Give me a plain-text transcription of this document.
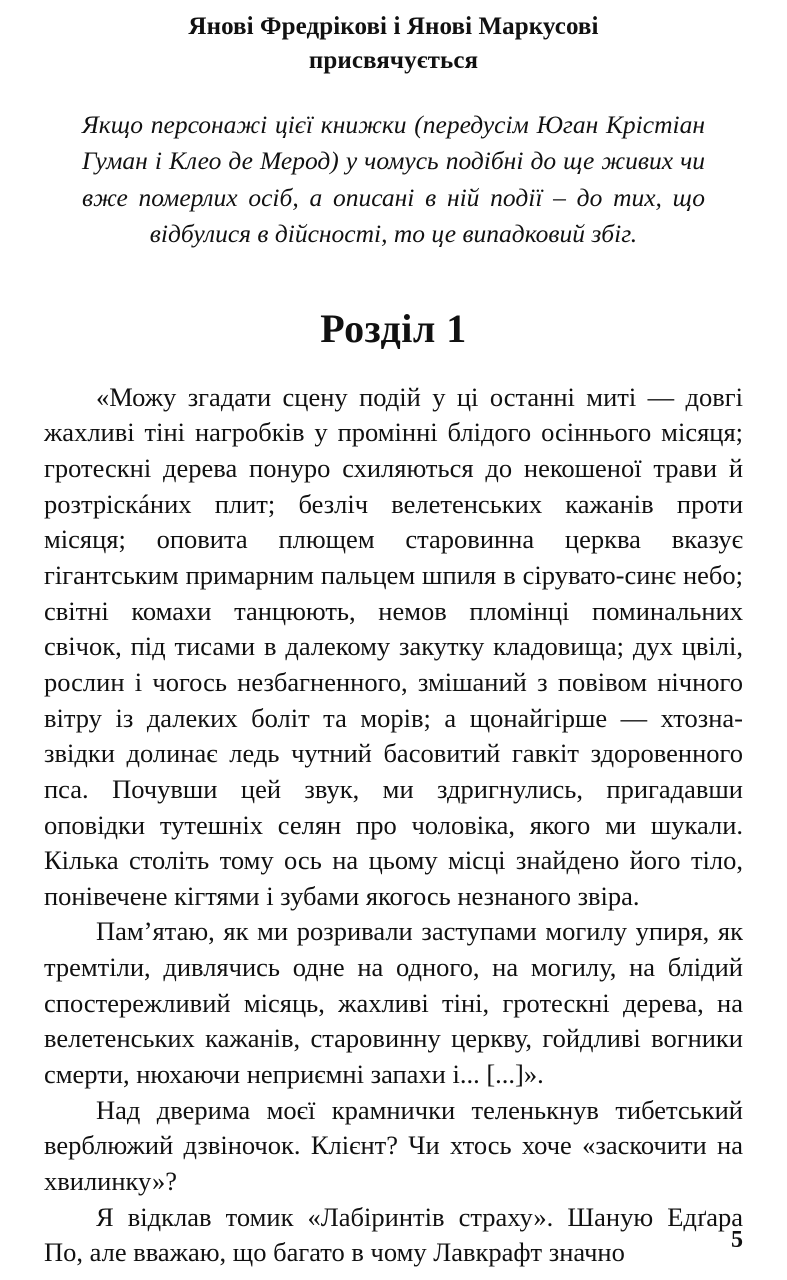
Янові Фредрікові і Янові Маркусові
присвячується
Якщо персонажі цієї книжки (передусім Юган Крістіан Гуман і Клео де Мерод) у чомусь подібні до ще живих чи вже померлих осіб, а описані в ній події – до тих, що відбулися в дійсності, то це випадковий збіг.
Розділ 1

«Можу згадати сцену подій у ці останні миті — довгі жахливі тіні нагробків у промінні блідого осіннього місяця; гротескні дерева понуро схиляються до некошеної трави й розтріскáних плит; безліч велетенських кажанів проти місяця; оповита плющем старовинна церква вказує гігантським примарним пальцем шпиля в сірувато-синє небо; світні комахи танцюють, немов пломінці поминальних свічок, під тисами в далекому закутку кладовища; дух цвілі, рослин і чогось незбагненного, змішаний з повівом нічного вітру із далеких боліт та морів; а щонайгірше — хтозна-звідки долинає ледь чутний басовитий гавкіт здоровенного пса. Почувши цей звук, ми здригнулись, пригадавши оповідки тутешніх селян про чоловіка, якого ми шукали. Кілька століть тому ось на цьому місці знайдено його тіло, понівечене кігтями і зубами якогось незнаного звіра.

Пам’ятаю, як ми розривали заступами могилу упиря, як тремтіли, дивлячись одне на одного, на могилу, на блідий спостережливий місяць, жахливі тіні, гротескні дерева, на велетенських кажанів, старовинну церкву, гойдливі вогники смерти, нюхаючи неприємні запахи і... [...]».

Над дверима моєї крамнички теленькнув тибетський верблюжий дзвіночок. Клієнт? Чи хтось хоче «заскочити на хвилинку»?

Я відклав томик «Лабіринтів страху». Шаную Едґара По, але вважаю, що багато в чому Лавкрафт значно	5
